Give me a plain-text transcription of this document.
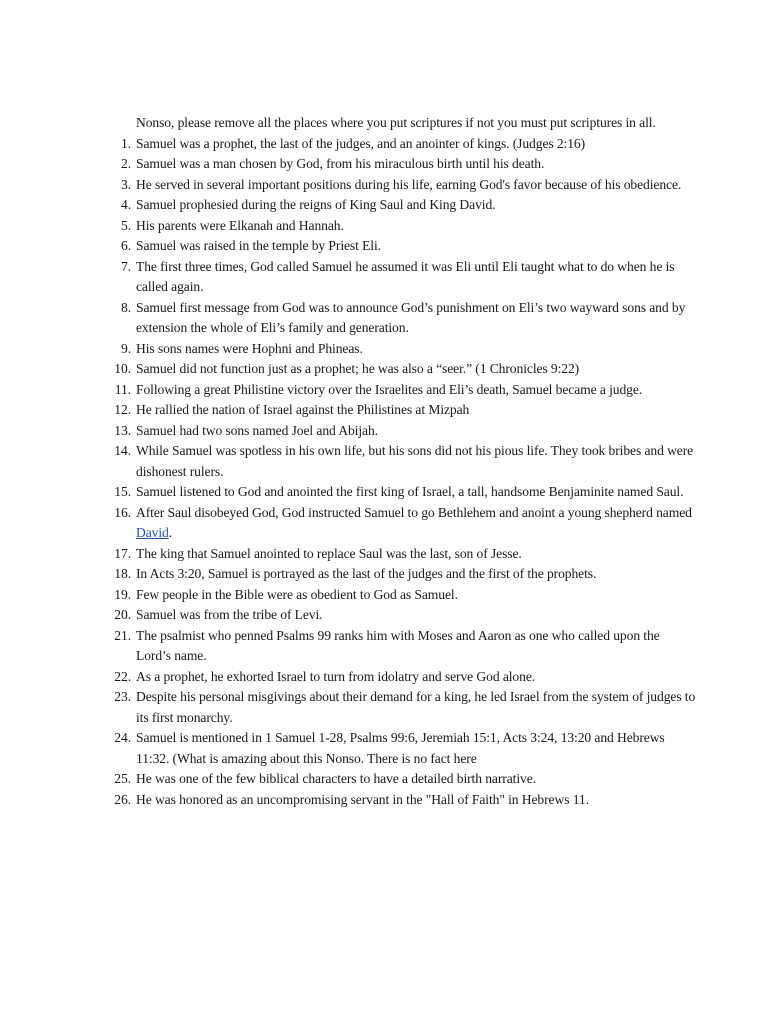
Nonso, please remove all the places where you put scriptures if not you must put scriptures in all.

1. Samuel was a prophet, the last of the judges, and an anointer of kings. (Judges 2:16)
2. Samuel was a man chosen by God, from his miraculous birth until his death.
3. He served in several important positions during his life, earning God's favor because of his obedience.
4. Samuel prophesied during the reigns of King Saul and King David.
5. His parents were Elkanah and Hannah.
6. Samuel was raised in the temple by Priest Eli.
7. The first three times, God called Samuel he assumed it was Eli until Eli taught what to do when he is called again.
8. Samuel first message from God was to announce God’s punishment on Eli’s two wayward sons and by extension the whole of Eli’s family and generation.
9. His sons names were Hophni and Phineas.
10. Samuel did not function just as a prophet; he was also a “seer.” (1 Chronicles 9:22)
11. Following a great Philistine victory over the Israelites and Eli’s death, Samuel became a judge.
12. He rallied the nation of Israel against the Philistines at Mizpah
13. Samuel had two sons named Joel and Abijah.
14. While Samuel was spotless in his own life, but his sons did not his pious life. They took bribes and were dishonest rulers.
15. Samuel listened to God and anointed the first king of Israel, a tall, handsome Benjaminite named Saul.
16. After Saul disobeyed God, God instructed Samuel to go Bethlehem and anoint a young shepherd named David.
17. The king that Samuel anointed to replace Saul was the last, son of Jesse.
18. In Acts 3:20, Samuel is portrayed as the last of the judges and the first of the prophets.
19. Few people in the Bible were as obedient to God as Samuel.
20. Samuel was from the tribe of Levi.
21. The psalmist who penned Psalms 99 ranks him with Moses and Aaron as one who called upon the Lord’s name.
22. As a prophet, he exhorted Israel to turn from idolatry and serve God alone.
23. Despite his personal misgivings about their demand for a king, he led Israel from the system of judges to its first monarchy.
24. Samuel is mentioned in 1 Samuel 1-28, Psalms 99:6, Jeremiah 15:1, Acts 3:24, 13:20 and Hebrews 11:32. (What is amazing about this Nonso. There is no fact here
25. He was one of the few biblical characters to have a detailed birth narrative.
26. He was honored as an uncompromising servant in the "Hall of Faith" in Hebrews 11.
